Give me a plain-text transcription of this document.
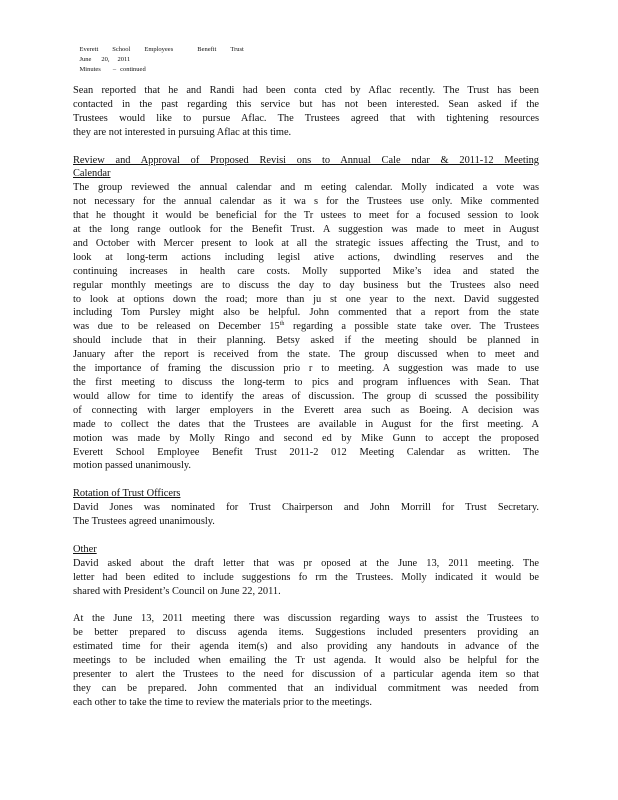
Everett School Employees	Benefit Trust

June 20, 2011

Minutes – continued

Sean reported that he and Randi had been conta cted by Aflac recently. The Trust has been
contacted in the past regarding this service but has not been interested. Sean asked if the
Trustees would like to pursue Aflac. The Trustees agreed that with tightening resources
they are not interested in pursuing Aflac at this time.
Review and Approval of Proposed Revisi ons to Annual Cale ndar & 2011-12 Meeting
Calendar
The group reviewed the annual calendar and m eeting calendar. Molly indicated a vote was
not necessary for the annual calendar as it wa s for the Trustees use only. Mike commented
that he thought it would be beneficial for the Tr ustees to meet for a focused session to look
at the long range outlook for the Benefit Trust. A suggestion was made to meet in August
and October with Mercer present to look at all the strategic issues affecting the Trust, and to
look at long-term actions including legisl ative actions, dwindling reserves and the
continuing increases in health care costs. Molly supported Mike’s idea and stated the
regular monthly meetings are to discuss the day to day business but the Trustees also need
to look at options down the road; more than ju st one year to the next. David suggested
including Tom Pursley might also be helpful. John commented that a report from the state
was due to be released on December 15th regarding a possible state take over. The Trustees
should include that in their planning. Betsy asked if the meeting should be planned in
January after the report is received from the state. The group discussed when to meet and
the importance of framing the discussion prio r to meeting. A suggestion was made to use
the first meeting to discuss the long-term to pics and program influences with Sean. That
would allow for time to identify the areas of discussion. The group di scussed the possibility
of connecting with larger employers in the Everett area such as Boeing. A decision was
made to collect the dates that the Trustees are available in August for the first meeting. A
motion was made by Molly Ringo and second ed by Mike Gunn to accept the proposed
Everett School Employee Benefit Trust 2011-2 012 Meeting Calendar as written. The
motion passed unanimously.
Rotation of Trust Officers
David Jones was nominated for Trust Chairperson and John Morrill for Trust Secretary.
The Trustees agreed unanimously.
Other
David asked about the draft letter that was pr oposed at the June 13, 2011 meeting. The
letter had been edited to include suggestions fo rm the Trustees. Molly indicated it would be
shared with President’s Council on June 22, 2011.
At the June 13, 2011 meeting there was discussion regarding ways to assist the Trustees to
be better prepared to discuss agenda items. Suggestions included presenters providing an
estimated time for their agenda item(s) and also providing any handouts in advance of the
meetings to be included when emailing the Tr ust agenda. It would also be helpful for the
presenter to alert the Trustees to the need for discussion of a particular agenda item so that
they can be prepared. John commented that an individual commitment was needed from
each other to take the time to review the materials prior to the meetings.
